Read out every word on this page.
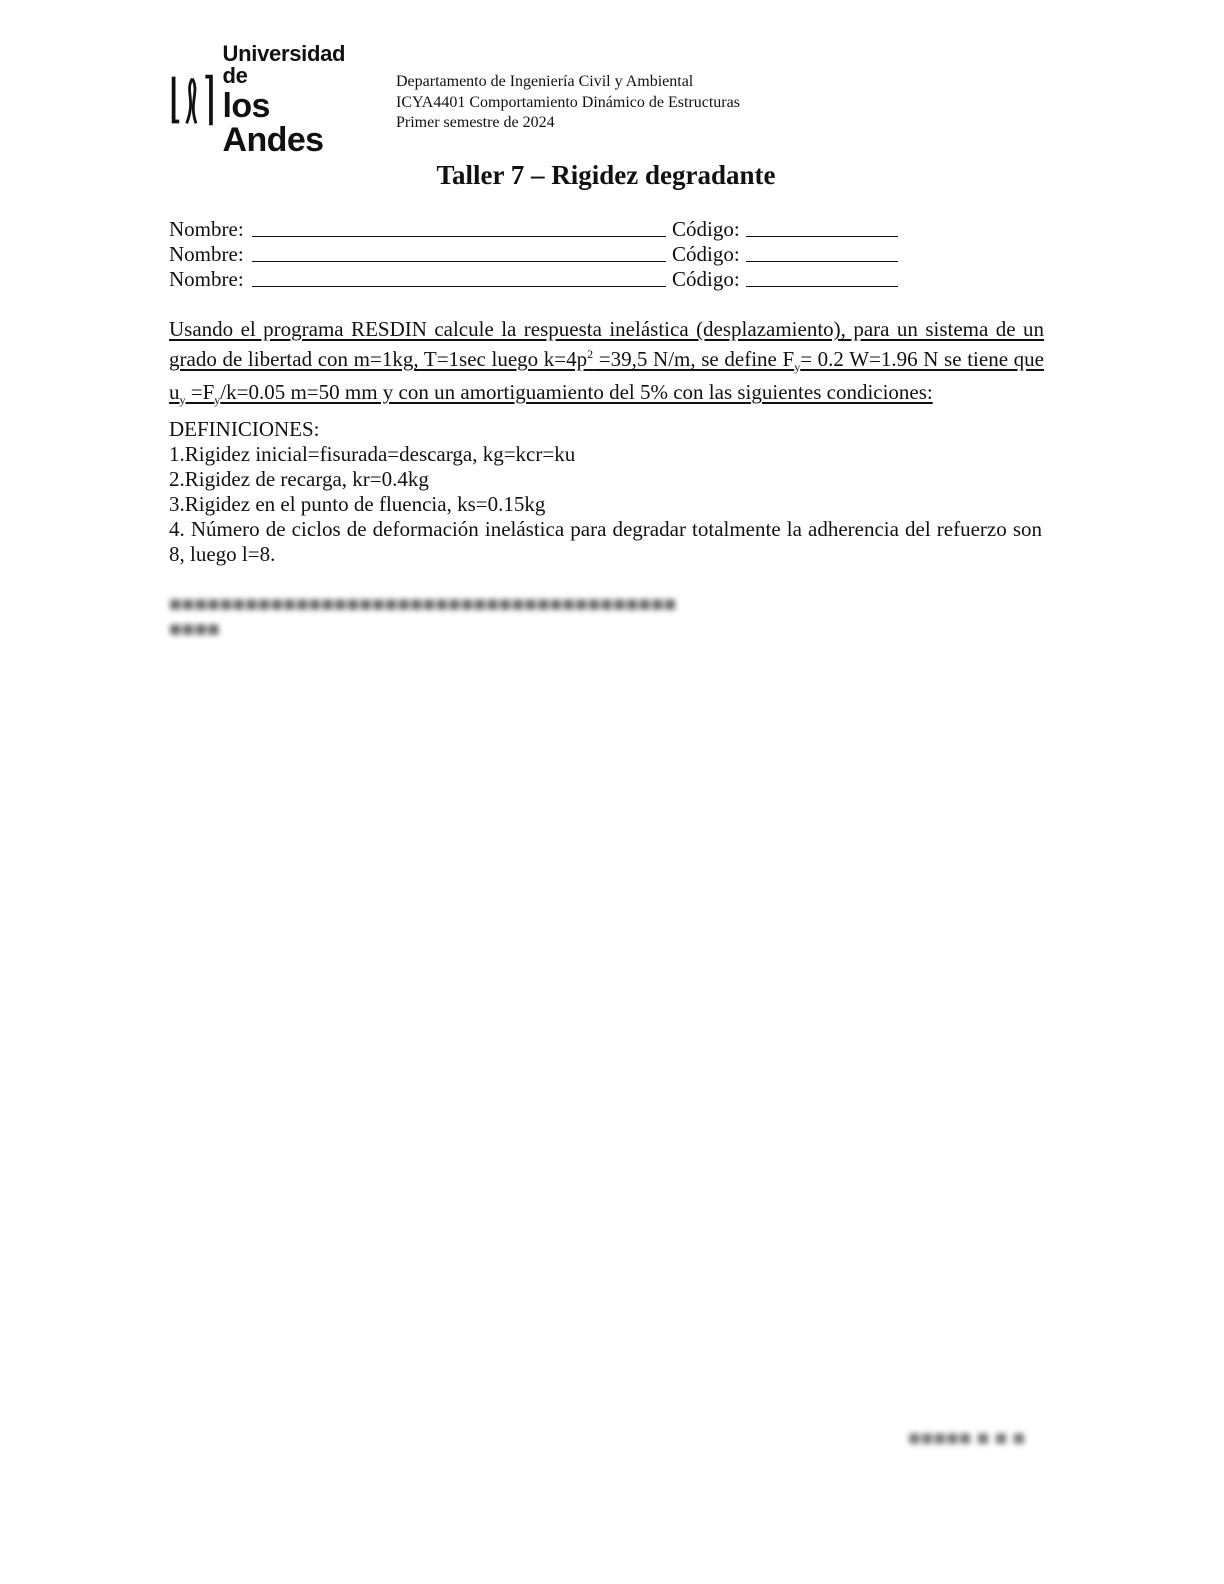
Universidad de
los Andes
Departamento de Ingeniería Civil y Ambiental
ICYA4401 Comportamiento Dinámico de Estructuras
Primer semestre de 2024
Taller 7 – Rigidez degradante
Nombre:	Código:
Nombre:	Código:
Nombre:	Código:
Usando el programa RESDIN calcule la respuesta inelástica (desplazamiento), para un sistema de un grado de libertad con m=1kg, T=1sec luego $k=4p^2 =39,5$ N/m, se define $F_y= 0.2$ W=1.96 N se tiene que $u_y =F_y/k=0.05$ m=50 mm y con un amortiguamiento del 5% con las siguientes condiciones:
DEFINICIONES:
1.Rigidez inicial=fisurada=descarga, kg=kcr=ku
2.Rigidez de recarga, kr=0.4kg
3.Rigidez en el punto de fluencia, ks=0.15kg
4. Número de ciclos de deformación inelástica para degradar totalmente la adherencia del refuerzo son 8, luego l=8.
■■■■■■■■■■■■■■■■■■■■■■■■■■■■■■■■■■■■■■■■
■■■■
■■■■■ ■ ■ ■
